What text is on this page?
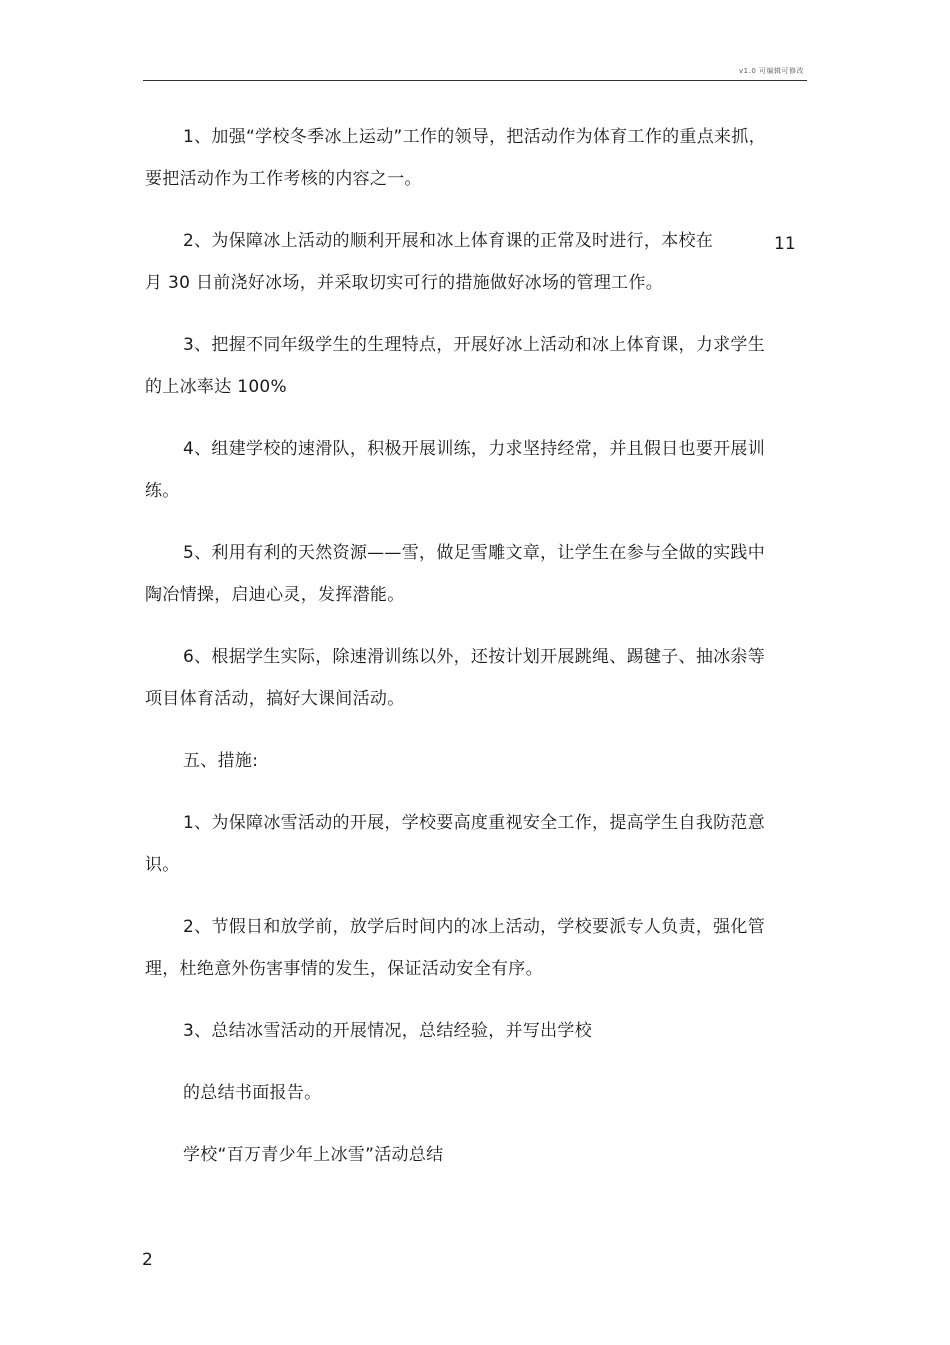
v1.0 可编辑可修改

1、加强“学校冬季冰上运动”工作的领导，把活动作为体育工作的重点来抓，要把活动作为工作考核的内容之一。

2、为保障冰上活动的顺利开展和冰上体育课的正常及时进行，本校在
月 30 日前浇好冰场，并采取切实可行的措施做好冰场的管理工作。

3、把握不同年级学生的生理特点，开展好冰上活动和冰上体育课，力求学生的上冰率达 100%

4、组建学校的速滑队，积极开展训练，力求坚持经常，并且假日也要开展训练。

5、利用有利的天然资源——雪，做足雪雕文章，让学生在参与全做的实践中陶冶情操，启迪心灵，发挥潜能。

6、根据学生实际，除速滑训练以外，还按计划开展跳绳、踢毽子、抽冰尜等项目体育活动，搞好大课间活动。

五、措施:

1、为保障冰雪活动的开展，学校要高度重视安全工作，提高学生自我防范意识。

2、节假日和放学前，放学后时间内的冰上活动，学校要派专人负责，强化管理，杜绝意外伤害事情的发生，保证活动安全有序。

3、总结冰雪活动的开展情况，总结经验，并写出学校

的总结书面报告。

学校“百万青少年上冰雪”活动总结

11
2
